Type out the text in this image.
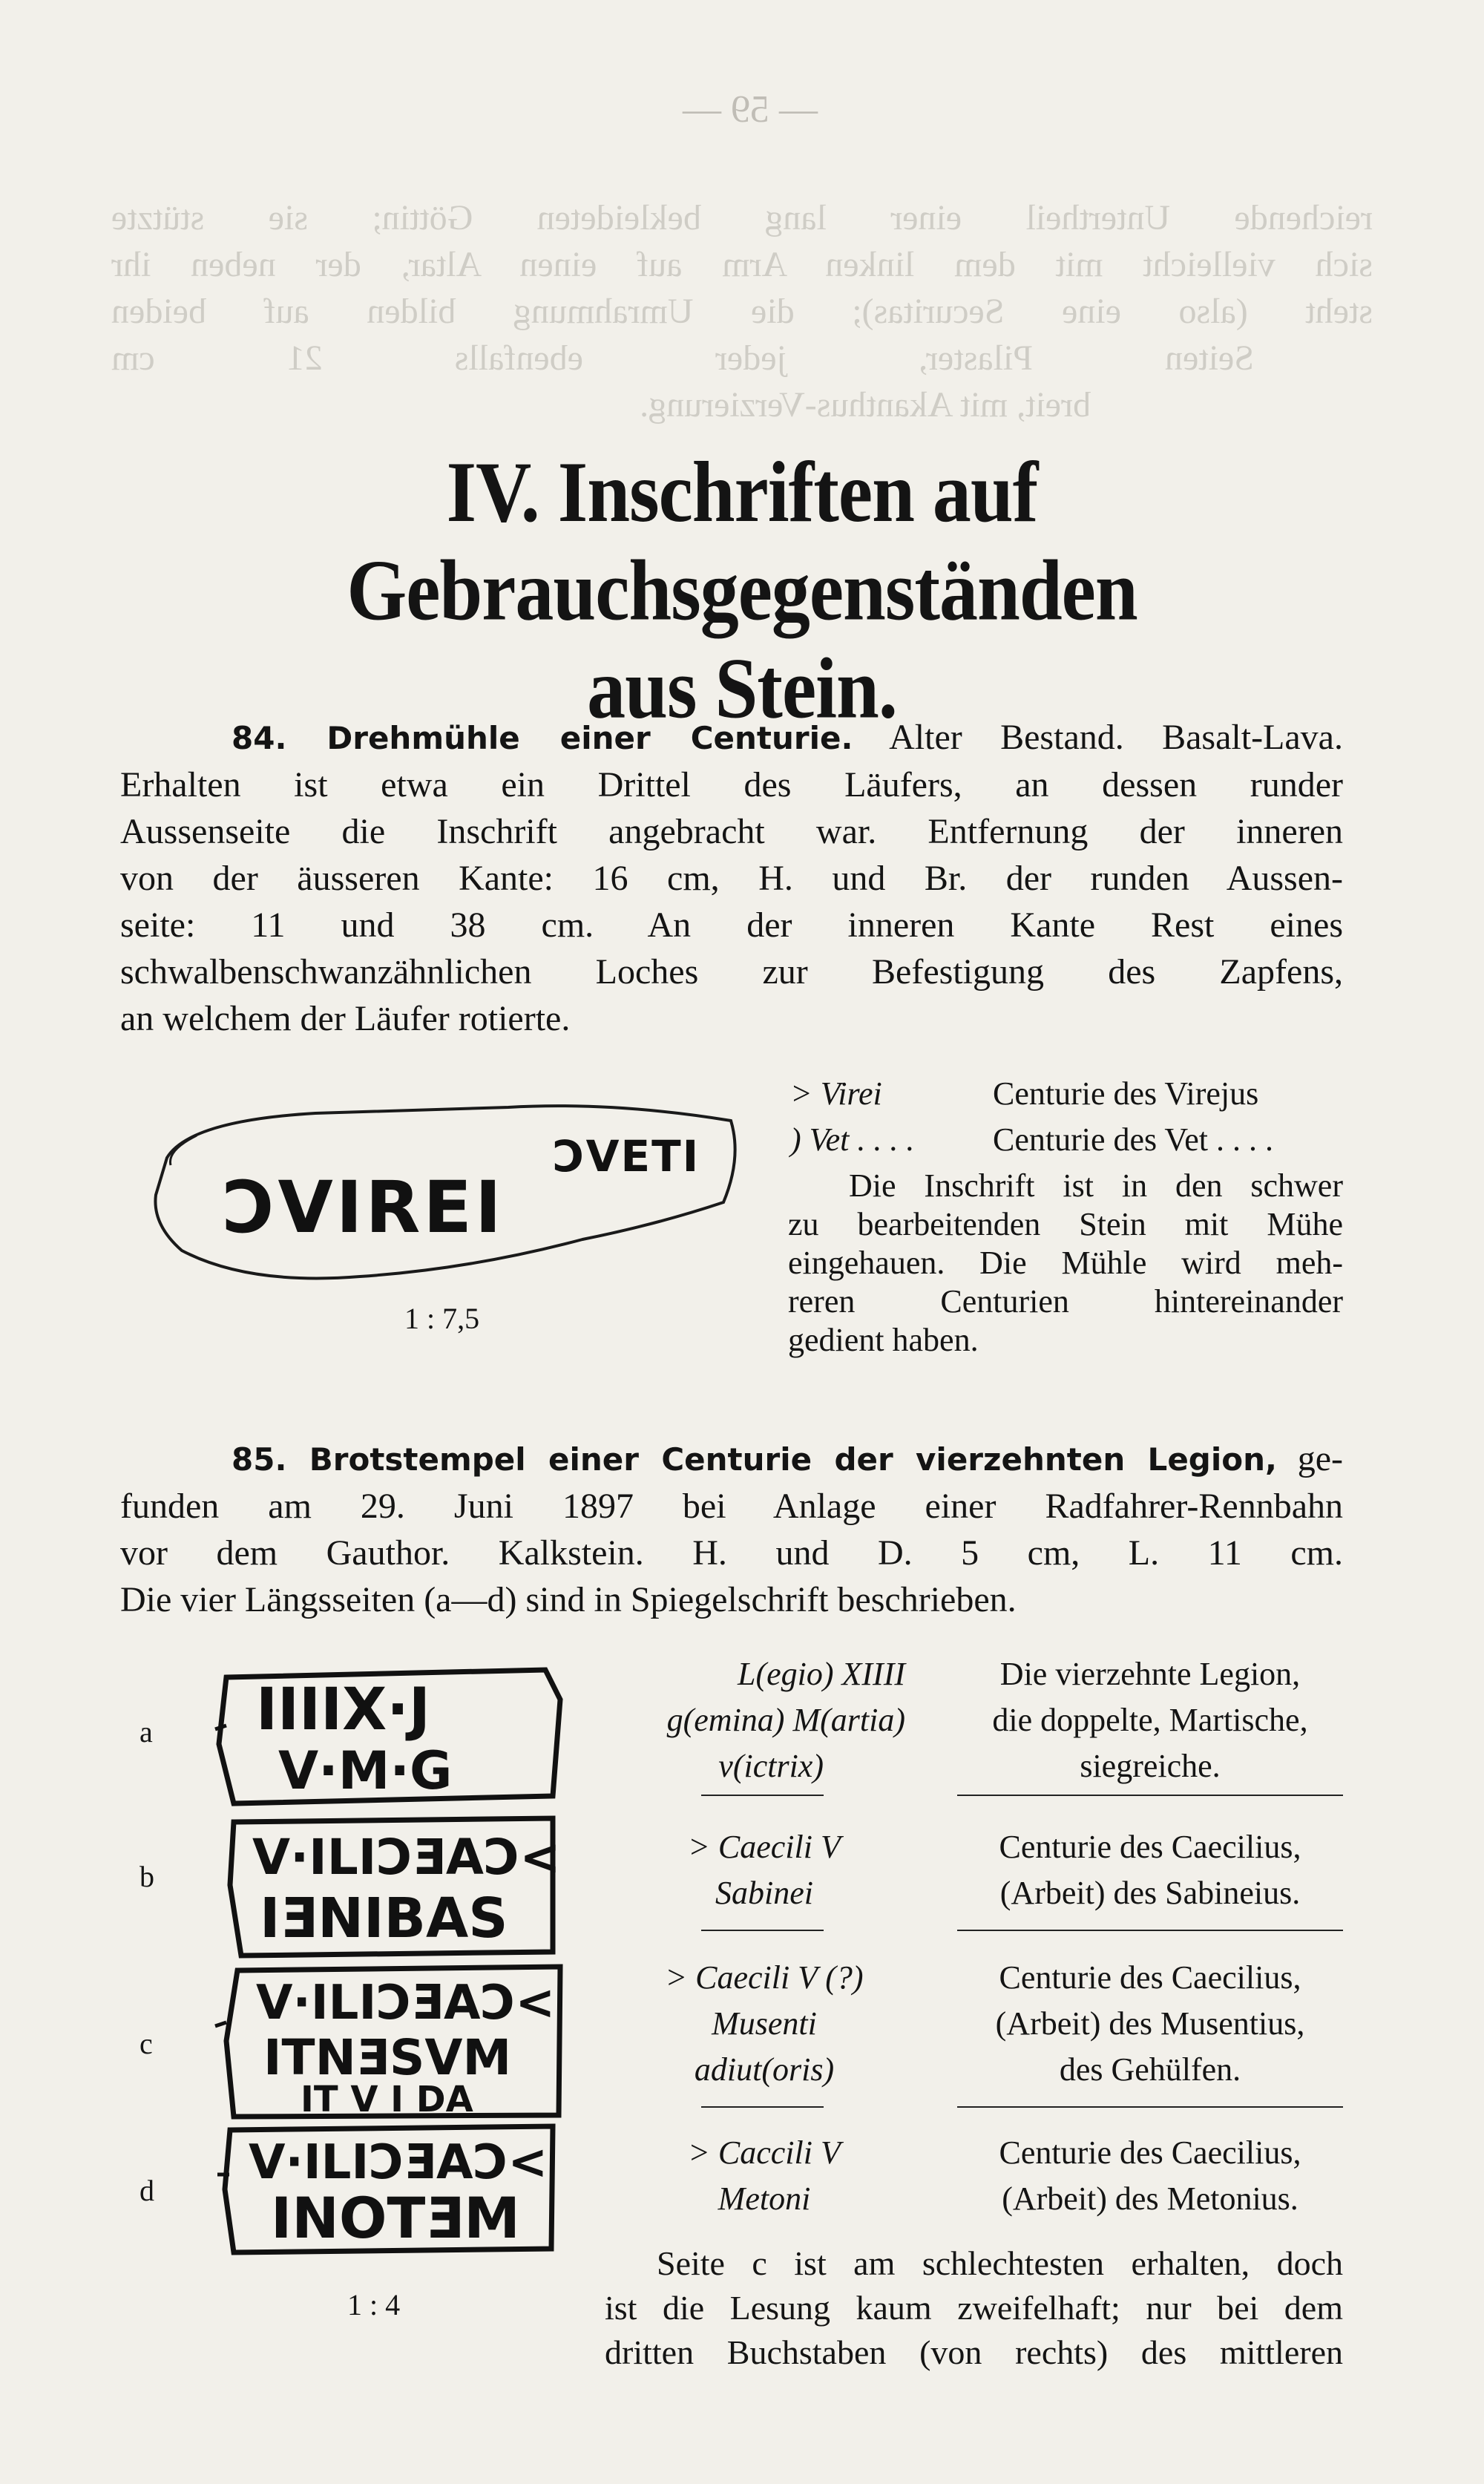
— 59 —
reichende Untertheil einer lang bekleideten Göttin; sie stützte
sich vielleicht mit dem linken Arm auf einen Altar, der neben ihr
steht (also eine Securitas); die Umrahmung bilden auf beiden
Seiten Pilaster, jeder ebenfalls 21 cm
breit, mit Akanthus-Verzierung.
IV. Inschriften auf Gebrauchsgegenständen
aus Stein.
84. Drehmühle einer Centurie. Alter Bestand. Basalt-Lava.
Erhalten ist etwa ein Drittel des Läufers, an dessen runder
Aussenseite die Inschrift angebracht war. Entfernung der inneren
von der äusseren Kante: 16 cm, H. und Br. der runden Aussen-
seite: 11 und 38 cm. An der inneren Kante Rest eines
schwalbenschwanzähnlichen Loches zur Befestigung des Zapfens,
an welchem der Läufer rotierte.
ƆVIREI
ƆVETI
1 : 7,5
> Virei
) Vet . . . .
Centurie des Virejus
Centurie des Vet . . . .
Die Inschrift ist in den schwer
zu bearbeitenden Stein mit Mühe
eingehauen. Die Mühle wird meh-
reren Centurien hintereinander
gedient haben.
85. Brotstempel einer Centurie der vierzehnten Legion, ge-
funden am 29. Juni 1897 bei Anlage einer Radfahrer-Rennbahn
vor dem Gauthor. Kalkstein. H. und D. 5 cm, L. 11 cm.
Die vier Längsseiten (a—d) sind in Spiegelschrift beschrieben.
a
b
c
d
IIIIX·J
V·M·G
V·ILIƆƎAƆ<
IƎNIBAS
V·ILIƆƎAƆ<
ITNƎSVM
IT V I DA
V·ILIƆƎAƆ<
INOTƎM
1 : 4
L(egio) XIIII
g(emina) M(artia)
v(ictrix)
Die vierzehnte Legion,
die doppelte, Martische,
siegreiche.
> Caecili V
Sabinei
Centurie des Caecilius,
(Arbeit) des Sabineius.
> Caecili V (?)
Musenti
adiut(oris)
Centurie des Caecilius,
(Arbeit) des Musentius,
des Gehülfen.
> Caccili V
Metoni
Centurie des Caecilius,
(Arbeit) des Metonius.
Seite c ist am schlechtesten erhalten, doch
ist die Lesung kaum zweifelhaft; nur bei dem
dritten Buchstaben (von rechts) des mittleren
